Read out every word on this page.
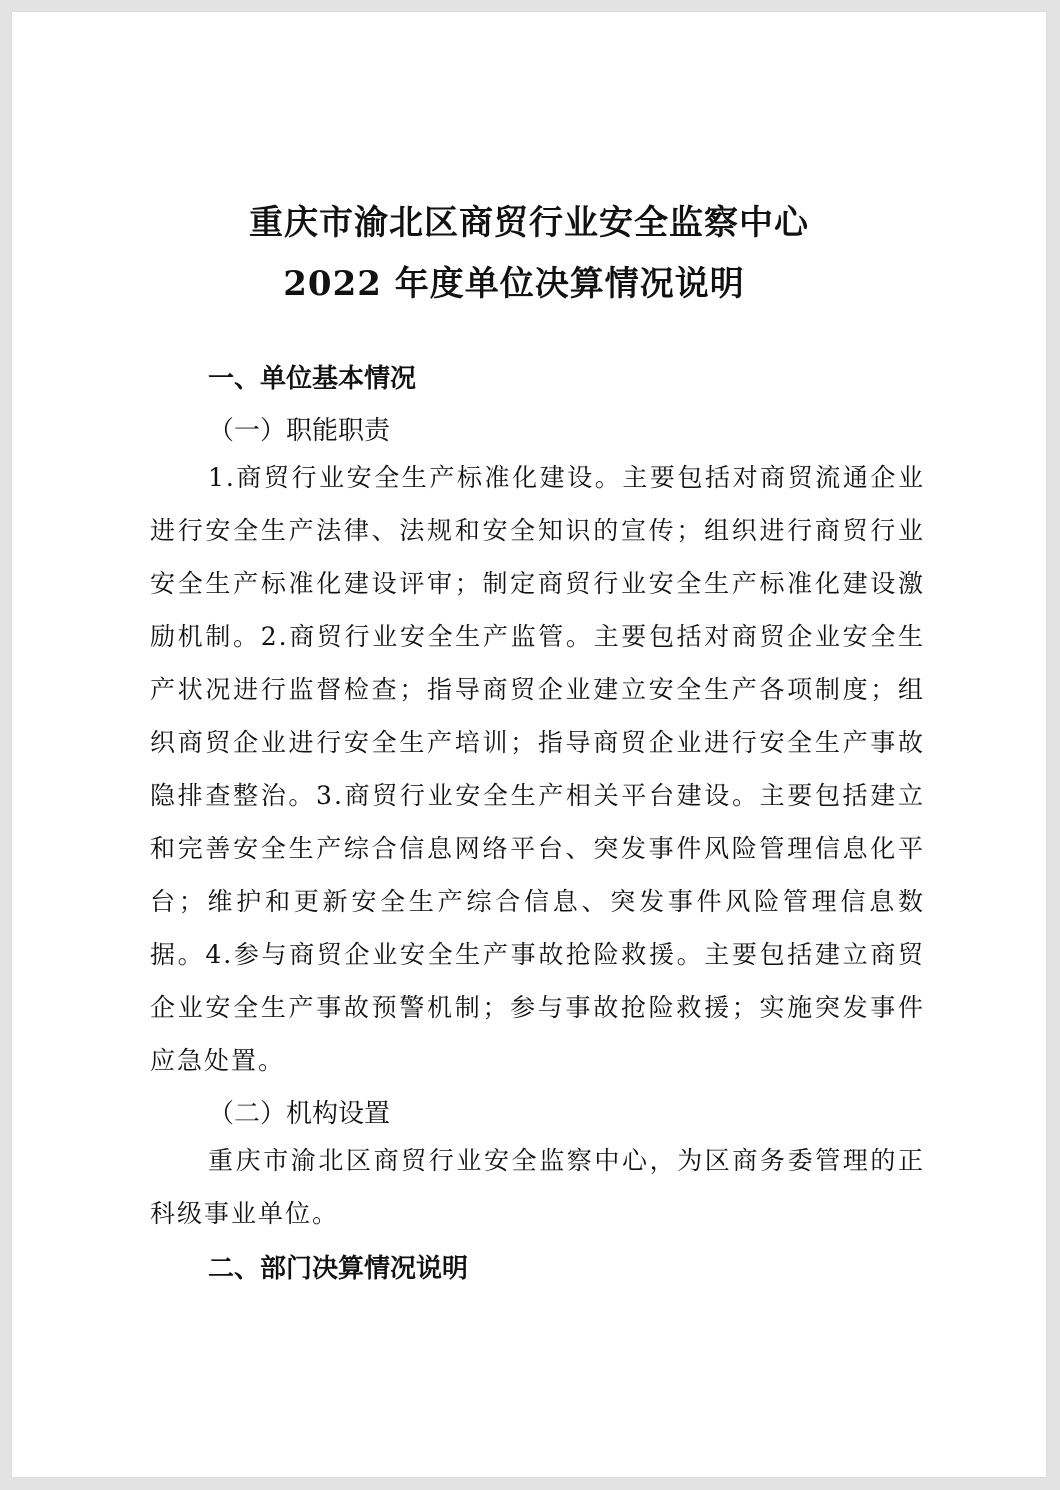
重庆市渝北区商贸行业安全监察中心
2022 年度单位决算情况说明
一、单位基本情况
（一）职能职责

1.商贸行业安全生产标准化建设。主要包括对商贸流通企业进行安全生产法律、法规和安全知识的宣传；组织进行商贸行业安全生产标准化建设评审；制定商贸行业安全生产标准化建设激励机制。2.商贸行业安全生产监管。主要包括对商贸企业安全生产状况进行监督检查；指导商贸企业建立安全生产各项制度；组织商贸企业进行安全生产培训；指导商贸企业进行安全生产事故隐排查整治。3.商贸行业安全生产相关平台建设。主要包括建立和完善安全生产综合信息网络平台、突发事件风险管理信息化平台；维护和更新安全生产综合信息、突发事件风险管理信息数据。4.参与商贸企业安全生产事故抢险救援。主要包括建立商贸企业安全生产事故预警机制；参与事故抢险救援；实施突发事件应急处置。

（二）机构设置

重庆市渝北区商贸行业安全监察中心，为区商务委管理的正科级事业单位。

二、部门决算情况说明
